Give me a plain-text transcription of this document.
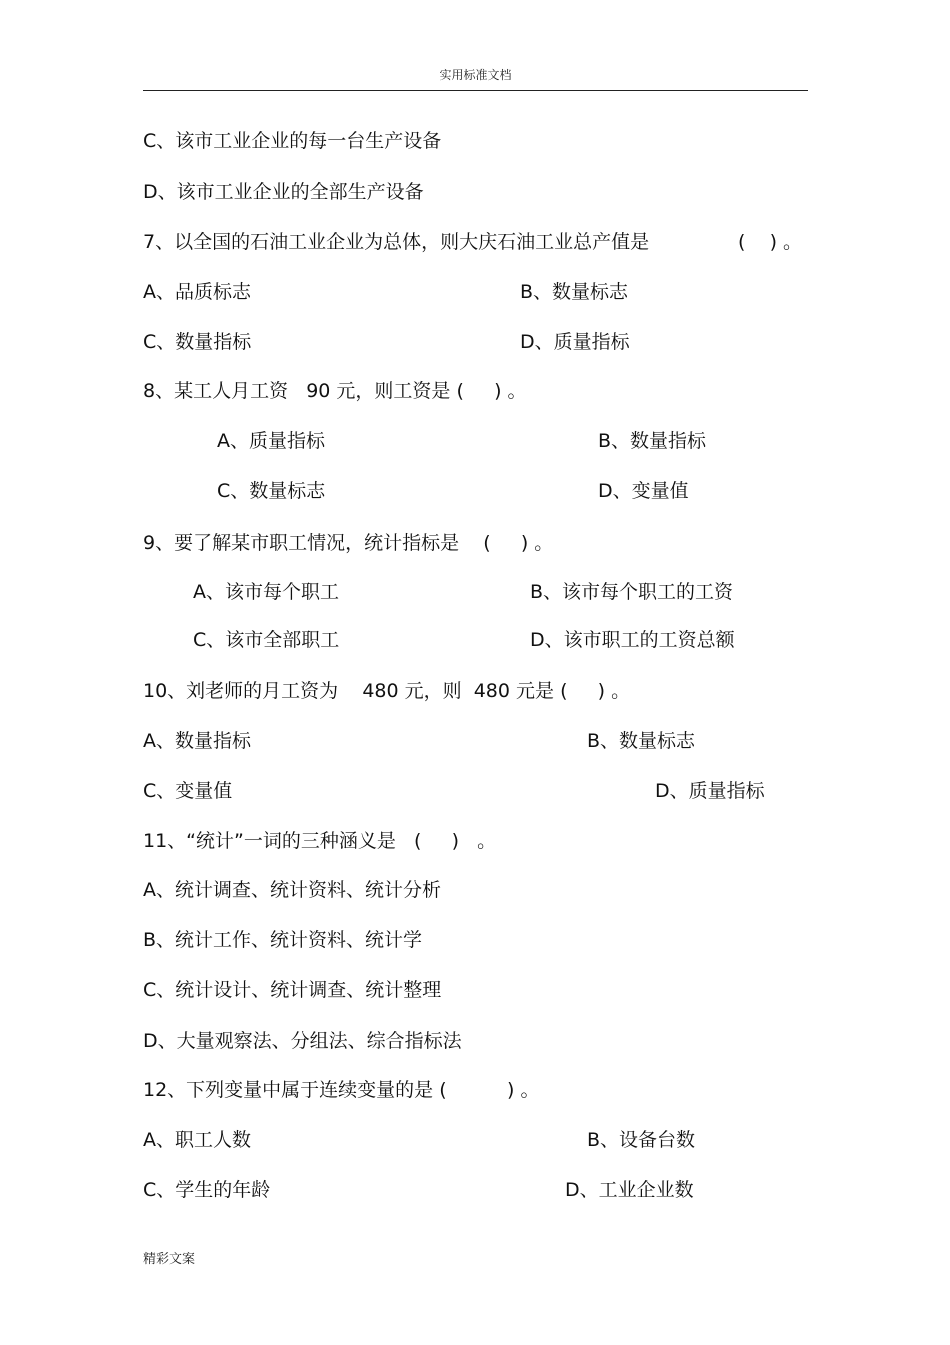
实用标准文档
C、该市工业企业的每一台生产设备
D、该市工业企业的全部生产设备
7、以全国的石油工业企业为总体，则大庆石油工业总产值是	(    ) 。
A、品质标志	B、数量标志
C、数量指标	D、质量指标
8、某工人月工资   90 元，则工资是 (     ) 。
A、质量指标	B、数量指标
C、数量标志	D、变量值
9、要了解某市职工情况，统计指标是    (     ) 。
A、该市每个职工	B、该市每个职工的工资
C、该市全部职工	D、该市职工的工资总额
10、刘老师的月工资为    480 元，则  480 元是 (     ) 。
A、数量指标	B、数量标志
C、变量值	D、质量指标
11、“统计”一词的三种涵义是   (     )   。
A、统计调查、统计资料、统计分析
B、统计工作、统计资料、统计学
C、统计设计、统计调查、统计整理
D、大量观察法、分组法、综合指标法
12、下列变量中属于连续变量的是 (          ) 。
A、职工人数	B、设备台数
C、学生的年龄	D、工业企业数
精彩文案
